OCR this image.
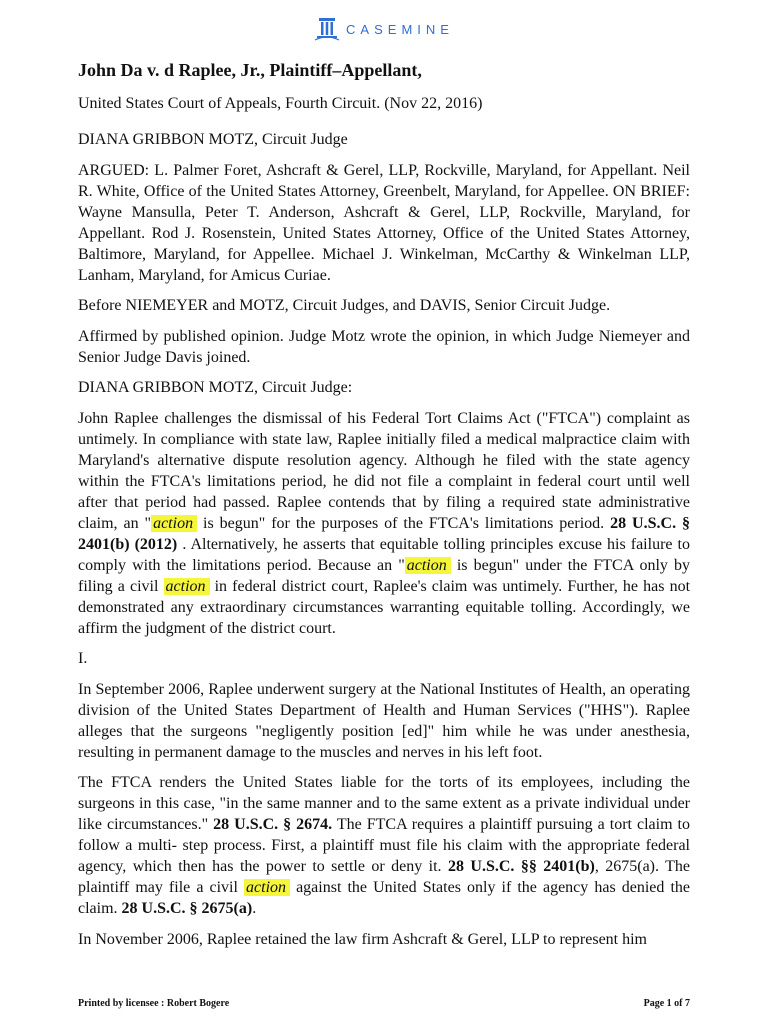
CASEMINE
John Da v. d Raplee, Jr., Plaintiff–Appellant,
United States Court of Appeals, Fourth Circuit. (Nov 22, 2016)
DIANA GRIBBON MOTZ, Circuit Judge
ARGUED: L. Palmer Foret, Ashcraft & Gerel, LLP, Rockville, Maryland, for Appellant. Neil R. White, Office of the United States Attorney, Greenbelt, Maryland, for Appellee. ON BRIEF: Wayne Mansulla, Peter T. Anderson, Ashcraft & Gerel, LLP, Rockville, Maryland, for Appellant. Rod J. Rosenstein, United States Attorney, Office of the United States Attorney, Baltimore, Maryland, for Appellee. Michael J. Winkelman, McCarthy & Winkelman LLP, Lanham, Maryland, for Amicus Curiae.
Before NIEMEYER and MOTZ, Circuit Judges, and DAVIS, Senior Circuit Judge.
Affirmed by published opinion. Judge Motz wrote the opinion, in which Judge Niemeyer and Senior Judge Davis joined.
DIANA GRIBBON MOTZ, Circuit Judge:
John Raplee challenges the dismissal of his Federal Tort Claims Act ("FTCA") complaint as untimely. In compliance with state law, Raplee initially filed a medical malpractice claim with Maryland's alternative dispute resolution agency. Although he filed with the state agency within the FTCA's limitations period, he did not file a complaint in federal court until well after that period had passed. Raplee contends that by filing a required state administrative claim, an " action is begun" for the purposes of the FTCA's limitations period. 28 U.S.C. § 2401(b) (2012) . Alternatively, he asserts that equitable tolling principles excuse his failure to comply with the limitations period. Because an " action is begun" under the FTCA only by filing a civil action in federal district court, Raplee's claim was untimely. Further, he has not demonstrated any extraordinary circumstances warranting equitable tolling. Accordingly, we affirm the judgment of the district court.
I.
In September 2006, Raplee underwent surgery at the National Institutes of Health, an operating division of the United States Department of Health and Human Services ("HHS"). Raplee alleges that the surgeons "negligently position [ed]" him while he was under anesthesia, resulting in permanent damage to the muscles and nerves in his left foot.
The FTCA renders the United States liable for the torts of its employees, including the surgeons in this case, "in the same manner and to the same extent as a private individual under like circumstances." 28 U.S.C. § 2674. The FTCA requires a plaintiff pursuing a tort claim to follow a multi- step process. First, a plaintiff must file his claim with the appropriate federal agency, which then has the power to settle or deny it. 28 U.S.C. §§ 2401(b), 2675(a). The plaintiff may file a civil action against the United States only if the agency has denied the claim. 28 U.S.C. § 2675(a).
In November 2006, Raplee retained the law firm Ashcraft & Gerel, LLP to represent him
Printed by licensee : Robert Bogere	Page 1 of 7
